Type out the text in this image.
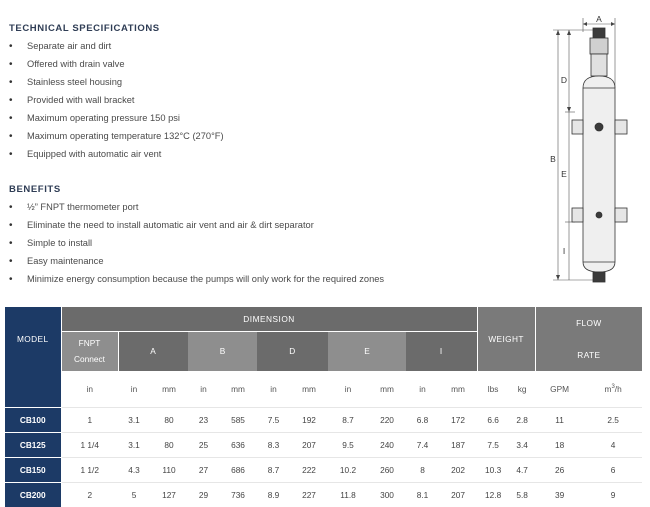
TECHNICAL SPECIFICATIONS
• Separate air and dirt
• Offered with drain valve
• Stainless steel housing
• Provided with wall bracket
• Maximum operating pressure 150 psi
• Maximum operating temperature 132°C (270°F)
• Equipped with automatic air vent
BENEFITS
• ½” FNPT thermometer port
• Eliminate the need to install automatic air vent and air & dirt separator
• Simple to install
• Easy maintenance
• Minimize energy consumption because the pumps will only work for the required zones
A
B
D
E
I
MODEL	DIMENSION											WEIGHT		FLOW

RATE	
	FNPT
Connect	A		B		D		E		I					
	in	in	mm	in	mm	in	mm	in	mm	in	mm	lbs	kg	GPM	$m^3/h$
CB100	1	3.1	80	23	585	7.5	192	8.7	220	6.8	172	6.6	2.8	11	2.5
CB125	1 1/4	3.1	80	25	636	8.3	207	9.5	240	7.4	187	7.5	3.4	18	4
CB150	1 1/2	4.3	110	27	686	8.7	222	10.2	260	8	202	10.3	4.7	26	6
CB200	2	5	127	29	736	8.9	227	11.8	300	8.1	207	12.8	5.8	39	9
